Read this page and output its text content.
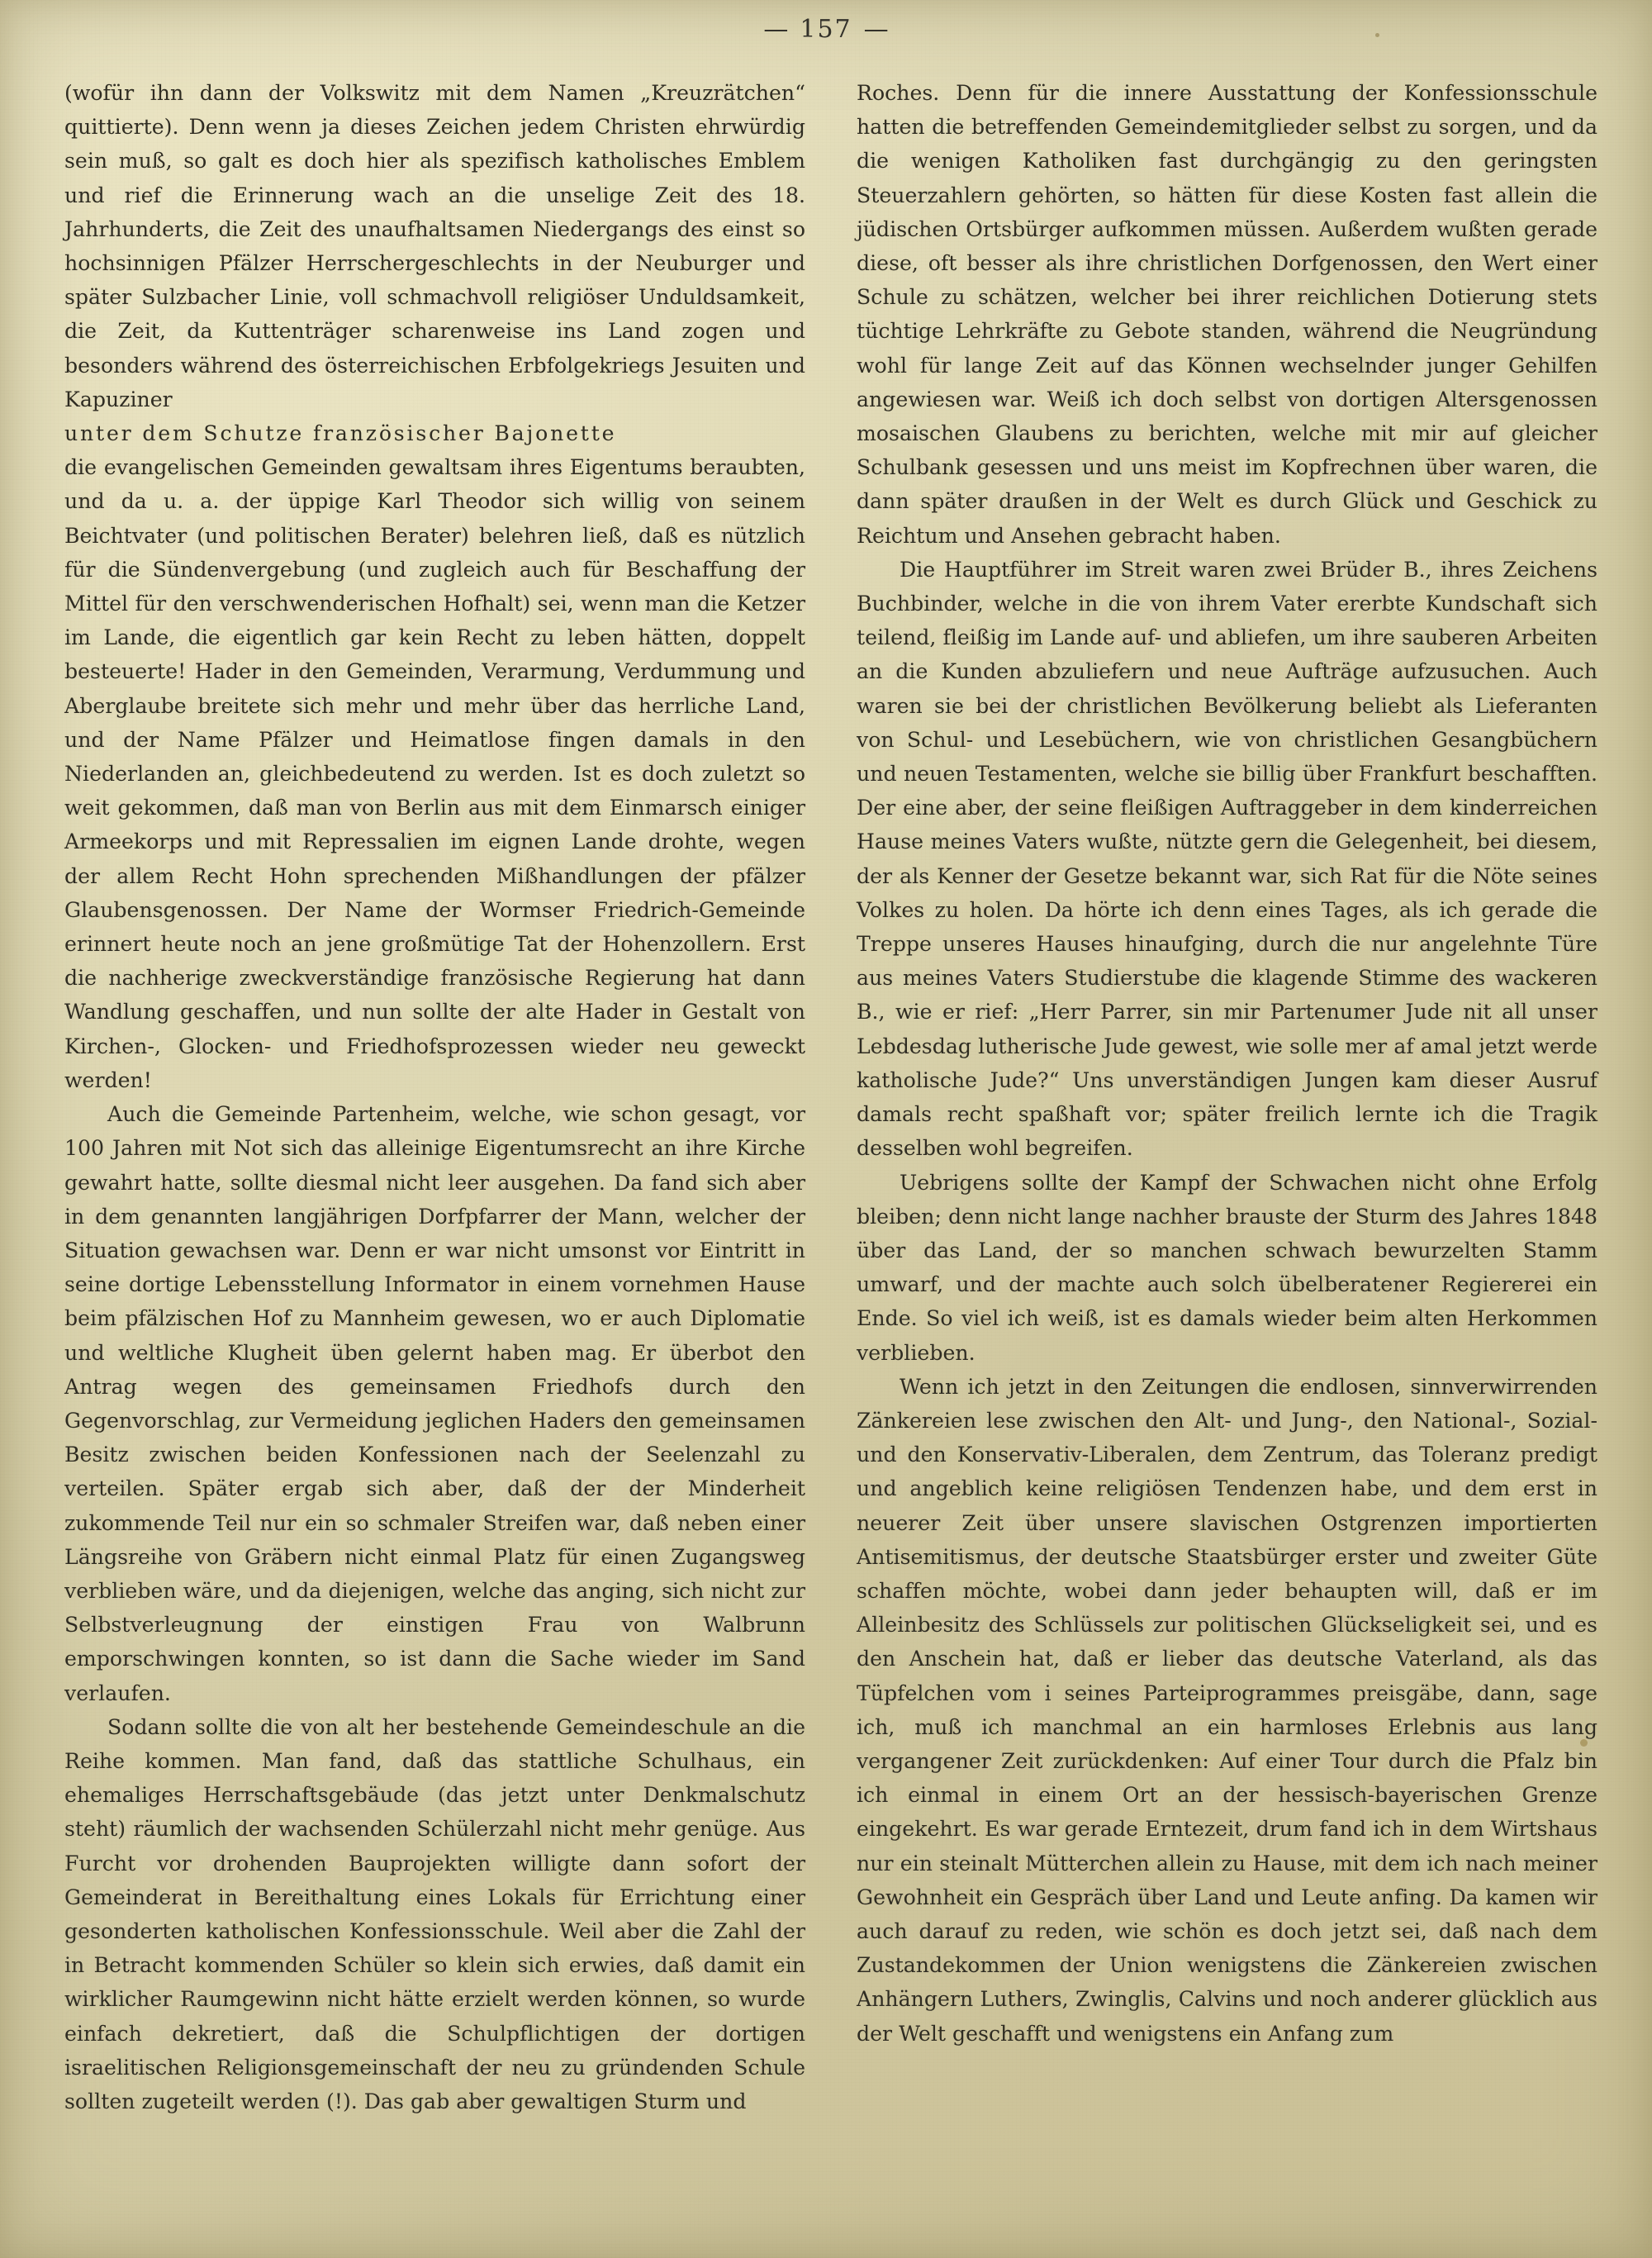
— 157 —

(wofür ihn dann der Volkswitz mit dem Namen „Kreuzrätchen“ quittierte). Denn wenn ja dieses Zeichen jedem Christen ehrwürdig sein muß, so galt es doch hier als spezifisch katholisches Emblem und rief die Erinnerung wach an die unselige Zeit des 18. Jahrhunderts, die Zeit des unaufhaltsamen Niedergangs des einst so hochsinnigen Pfälzer Herrschergeschlechts in der Neuburger und später Sulzbacher Linie, voll schmachvoll religiöser Unduldsamkeit, die Zeit, da Kuttenträger scharenweise ins Land zogen und besonders während des österreichischen Erbfolgekriegs Jesuiten und Kapuziner

unter dem Schutze französischer Bajonette

die evangelischen Gemeinden gewaltsam ihres Eigentums beraubten, und da u. a. der üppige Karl Theodor sich willig von seinem Beichtvater (und politischen Berater) belehren ließ, daß es nützlich für die Sündenvergebung (und zugleich auch für Beschaffung der Mittel für den verschwenderischen Hofhalt) sei, wenn man die Ketzer im Lande, die eigentlich gar kein Recht zu leben hätten, doppelt besteuerte! Hader in den Gemeinden, Verarmung, Verdummung und Aberglaube breitete sich mehr und mehr über das herrliche Land, und der Name Pfälzer und Heimatlose fingen damals in den Niederlanden an, gleichbedeutend zu werden. Ist es doch zuletzt so weit gekommen, daß man von Berlin aus mit dem Einmarsch einiger Armeekorps und mit Repressalien im eignen Lande drohte, wegen der allem Recht Hohn sprechenden Mißhandlungen der pfälzer Glaubensgenossen. Der Name der Wormser Friedrich-Gemeinde erinnert heute noch an jene großmütige Tat der Hohenzollern. Erst die nachherige zweckverständige französische Regierung hat dann Wandlung geschaffen, und nun sollte der alte Hader in Gestalt von Kirchen-, Glocken- und Friedhofsprozessen wieder neu geweckt werden!

Auch die Gemeinde Partenheim, welche, wie schon gesagt, vor 100 Jahren mit Not sich das alleinige Eigentumsrecht an ihre Kirche gewahrt hatte, sollte diesmal nicht leer ausgehen. Da fand sich aber in dem genannten langjährigen Dorfpfarrer der Mann, welcher der Situation gewachsen war. Denn er war nicht umsonst vor Eintritt in seine dortige Lebensstellung Informator in einem vornehmen Hause beim pfälzischen Hof zu Mannheim gewesen, wo er auch Diplomatie und weltliche Klugheit üben gelernt haben mag. Er überbot den Antrag wegen des gemeinsamen Friedhofs durch den Gegenvorschlag, zur Vermeidung jeglichen Haders den gemeinsamen Besitz zwischen beiden Konfessionen nach der Seelenzahl zu verteilen. Später ergab sich aber, daß der der Minderheit zukommende Teil nur ein so schmaler Streifen war, daß neben einer Längsreihe von Gräbern nicht einmal Platz für einen Zugangsweg verblieben wäre, und da diejenigen, welche das anging, sich nicht zur Selbstverleugnung der einstigen Frau von Walbrunn emporschwingen konnten, so ist dann die Sache wieder im Sand verlaufen.

Sodann sollte die von alt her bestehende Gemeindeschule an die Reihe kommen. Man fand, daß das stattliche Schulhaus, ein ehemaliges Herrschaftsgebäude (das jetzt unter Denkmalschutz steht) räumlich der wachsenden Schülerzahl nicht mehr genüge. Aus Furcht vor drohenden Bauprojekten willigte dann sofort der Gemeinderat in Bereithaltung eines Lokals für Errichtung einer gesonderten katholischen Konfessionsschule. Weil aber die Zahl der in Betracht kommenden Schüler so klein sich erwies, daß damit ein wirklicher Raumgewinn nicht hätte erzielt werden können, so wurde einfach dekretiert, daß die Schulpflichtigen der dortigen israelitischen Religionsgemeinschaft der neu zu gründenden Schule sollten zugeteilt werden (!). Das gab aber gewaltigen Sturm und

Roches. Denn für die innere Ausstattung der Konfessionsschule hatten die betreffenden Gemeindemitglieder selbst zu sorgen, und da die wenigen Katholiken fast durchgängig zu den geringsten Steuerzahlern gehörten, so hätten für diese Kosten fast allein die jüdischen Ortsbürger aufkommen müssen. Außerdem wußten gerade diese, oft besser als ihre christlichen Dorfgenossen, den Wert einer Schule zu schätzen, welcher bei ihrer reichlichen Dotierung stets tüchtige Lehrkräfte zu Gebote standen, während die Neugründung wohl für lange Zeit auf das Können wechselnder junger Gehilfen angewiesen war. Weiß ich doch selbst von dortigen Altersgenossen mosaischen Glaubens zu berichten, welche mit mir auf gleicher Schulbank gesessen und uns meist im Kopfrechnen über waren, die dann später draußen in der Welt es durch Glück und Geschick zu Reichtum und Ansehen gebracht haben.

Die Hauptführer im Streit waren zwei Brüder B., ihres Zeichens Buchbinder, welche in die von ihrem Vater ererbte Kundschaft sich teilend, fleißig im Lande auf- und abliefen, um ihre sauberen Arbeiten an die Kunden abzuliefern und neue Aufträge aufzusuchen. Auch waren sie bei der christlichen Bevölkerung beliebt als Lieferanten von Schul- und Lesebüchern, wie von christlichen Gesangbüchern und neuen Testamenten, welche sie billig über Frankfurt beschafften. Der eine aber, der seine fleißigen Auftraggeber in dem kinderreichen Hause meines Vaters wußte, nützte gern die Gelegenheit, bei diesem, der als Kenner der Gesetze bekannt war, sich Rat für die Nöte seines Volkes zu holen. Da hörte ich denn eines Tages, als ich gerade die Treppe unseres Hauses hinaufging, durch die nur angelehnte Türe aus meines Vaters Studierstube die klagende Stimme des wackeren B., wie er rief: „Herr Parrer, sin mir Partenumer Jude nit all unser Lebdesdag lutherische Jude gewest, wie solle mer af amal jetzt werde katholische Jude?“ Uns unverständigen Jungen kam dieser Ausruf damals recht spaßhaft vor; später freilich lernte ich die Tragik desselben wohl begreifen.

Uebrigens sollte der Kampf der Schwachen nicht ohne Erfolg bleiben; denn nicht lange nachher brauste der Sturm des Jahres 1848 über das Land, der so manchen schwach bewurzelten Stamm umwarf, und der machte auch solch übelberatener Regiererei ein Ende. So viel ich weiß, ist es damals wieder beim alten Herkommen verblieben.

Wenn ich jetzt in den Zeitungen die endlosen, sinnverwirrenden Zänkereien lese zwischen den Alt- und Jung-, den National-, Sozial- und den Konservativ-Liberalen, dem Zentrum, das Toleranz predigt und angeblich keine religiösen Tendenzen habe, und dem erst in neuerer Zeit über unsere slavischen Ostgrenzen importierten Antisemitismus, der deutsche Staatsbürger erster und zweiter Güte schaffen möchte, wobei dann jeder behaupten will, daß er im Alleinbesitz des Schlüssels zur politischen Glückseligkeit sei, und es den Anschein hat, daß er lieber das deutsche Vaterland, als das Tüpfelchen vom i seines Parteiprogrammes preisgäbe, dann, sage ich, muß ich manchmal an ein harmloses Erlebnis aus lang vergangener Zeit zurückdenken: Auf einer Tour durch die Pfalz bin ich einmal in einem Ort an der hessisch-bayerischen Grenze eingekehrt. Es war gerade Erntezeit, drum fand ich in dem Wirtshaus nur ein steinalt Mütterchen allein zu Hause, mit dem ich nach meiner Gewohnheit ein Gespräch über Land und Leute anfing. Da kamen wir auch darauf zu reden, wie schön es doch jetzt sei, daß nach dem Zustandekommen der Union wenigstens die Zänkereien zwischen Anhängern Luthers, Zwinglis, Calvins und noch anderer glücklich aus der Welt geschafft und wenigstens ein Anfang zum
